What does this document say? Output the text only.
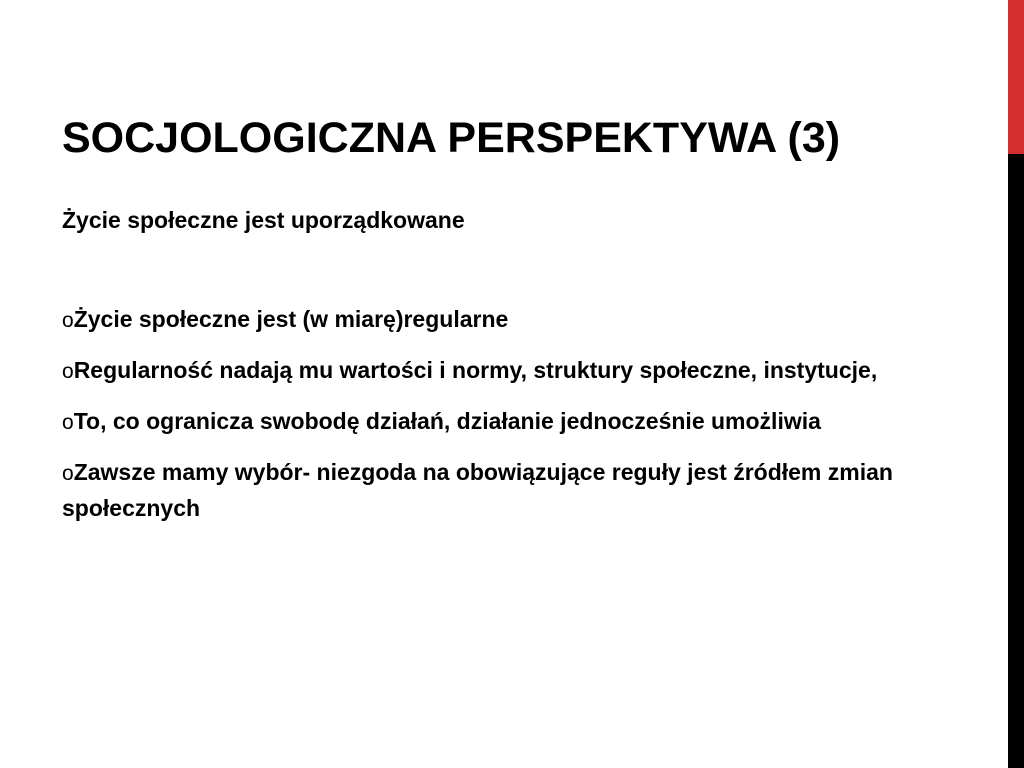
SOCJOLOGICZNA PERSPEKTYWA (3)
Życie społeczne jest uporządkowane
oŻycie społeczne jest (w miarę)regularne
oRegularność nadają mu wartości i normy, struktury społeczne, instytucje,
oTo, co ogranicza swobodę działań, działanie jednocześnie umożliwia
oZawsze mamy wybór- niezgoda na obowiązujące reguły jest źródłem zmian społecznych
